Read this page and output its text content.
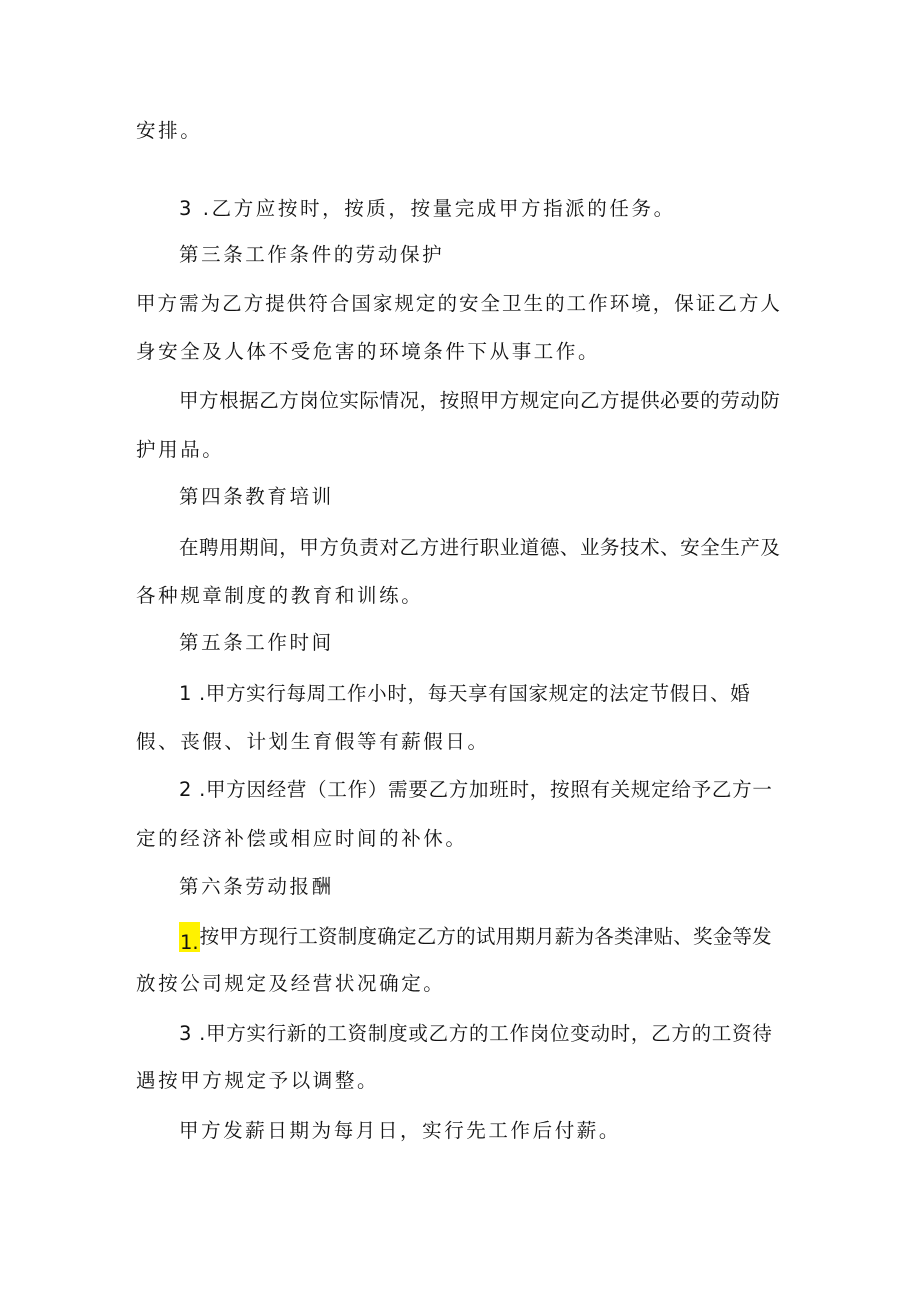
安排。
3 .乙方应按时，按质，按量完成甲方指派的任务。
第三条工作条件的劳动保护
甲 方 需 为 乙 方 提 供 符 合 国 家 规 定 的 安 全 卫 生 的 工 作 环 境 ， 保 证 乙 方 人
身安全及人体不受危害的环境条件下从事工作。
甲 方 根 据 乙 方 岗 位 实 际 情 况 ， 按 照 甲 方 规 定 向 乙 方 提 供 必 要 的 劳 动 防
护用品。
第四条教育培训
在 聘 用 期 间 ， 甲 方 负 责 对 乙 方 进 行 职 业 道 德 、 业 务 技 术 、 安 全 生 产 及
各种规章制度的教育和训练。
第五条工作时间
1
. 甲 方 实 行 每 周 工 作 小 时 ， 每 天 享 有 国 家 规 定 的 法 定 节 假 日 、 婚
假、丧假、计划生育假等有薪假日。
2
. 甲 方 因 经 营 （ 工 作 ） 需 要 乙 方 加 班 时 ， 按 照 有 关 规 定 给 予 乙 方 一
定的经济补偿或相应时间的补休。
第六条劳动报酬
1. 按 甲 方 现 行 工 资 制 度 确 定 乙 方 的 试 用 期 月 薪 为 各 类 津 贴 、 奖 金 等 发
放按公司规定及经营状况确定。
3
. 甲 方 实 行 新 的 工 资 制 度 或 乙 方 的 工 作 岗 位 变 动 时 ， 乙 方 的 工 资 待
遇按甲方规定予以调整。
甲方发薪日期为每月日，实行先工作后付薪。
